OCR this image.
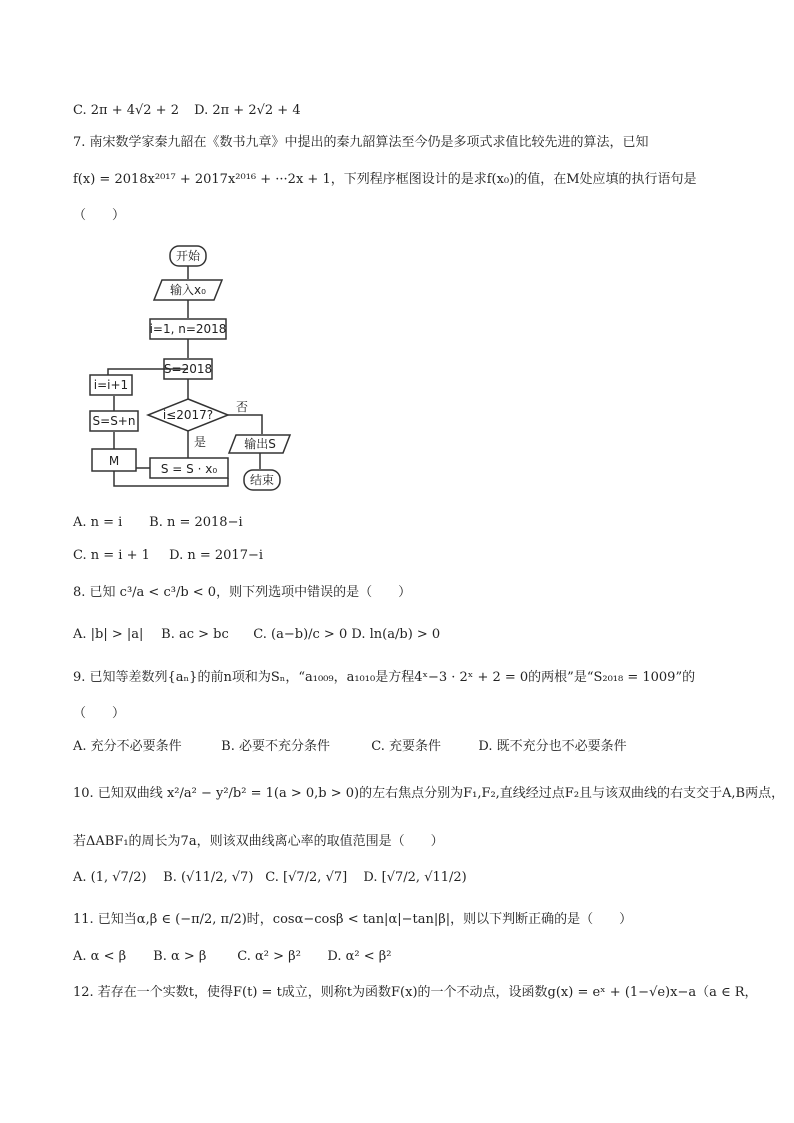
C. 2π + 4√2 + 2 D. 2π + 2√2 + 4
7. 南宋数学家秦九韶在《数书九章》中提出的秦九韶算法至今仍是多项式求值比较先进的算法，已知
f(x) = 2018x²⁰¹⁷ + 2017x²⁰¹⁶ + ···2x + 1，下列程序框图设计的是求f(x₀)的值，在M处应填的执行语句是
（　　）
开始
输入x₀
i=1, n=2018
S=2018
i≤2017?
否
是	输出S
结束
S = S · x₀
M
S=S+n
i=i+1
A. n = i B. n = 2018−i
C. n = i + 1 D. n = 2017−i
8. 已知 c³/a < c³/b < 0，则下列选项中错误的是（　　）
A. |b| > |a| B. ac > bc C. (a−b)/c > 0 D. ln(a/b) > 0
9. 已知等差数列{aₙ}的前n项和为Sₙ，“a₁₀₀₉，a₁₀₁₀是方程4ˣ−3 · 2ˣ + 2 = 0的两根”是“S₂₀₁₈ = 1009”的
（　　）
A. 充分不必要条件	B. 必要不充分条件	C. 充要条件	D. 既不充分也不必要条件
10. 已知双曲线 x²/a² − y²/b² = 1(a > 0,b > 0)的左右焦点分别为F₁,F₂,直线经过点F₂且与该双曲线的右支交于A,B两点，
若ΔABF₁的周长为7a，则该双曲线离心率的取值范围是（　　）
A. (1, √7/2) B. (√11/2, √7) C. [√7/2, √7] D. [√7/2, √11/2)
11. 已知当α,β ∈ (−π/2, π/2)时，cosα−cosβ < tan|α|−tan|β|，则以下判断正确的是（　　）
A. α < β B. α > β C. α² > β² D. α² < β²
12. 若存在一个实数t，使得F(t) = t成立，则称t为函数F(x)的一个不动点，设函数g(x) = eˣ + (1−√e)x−a（a ∈ R，
